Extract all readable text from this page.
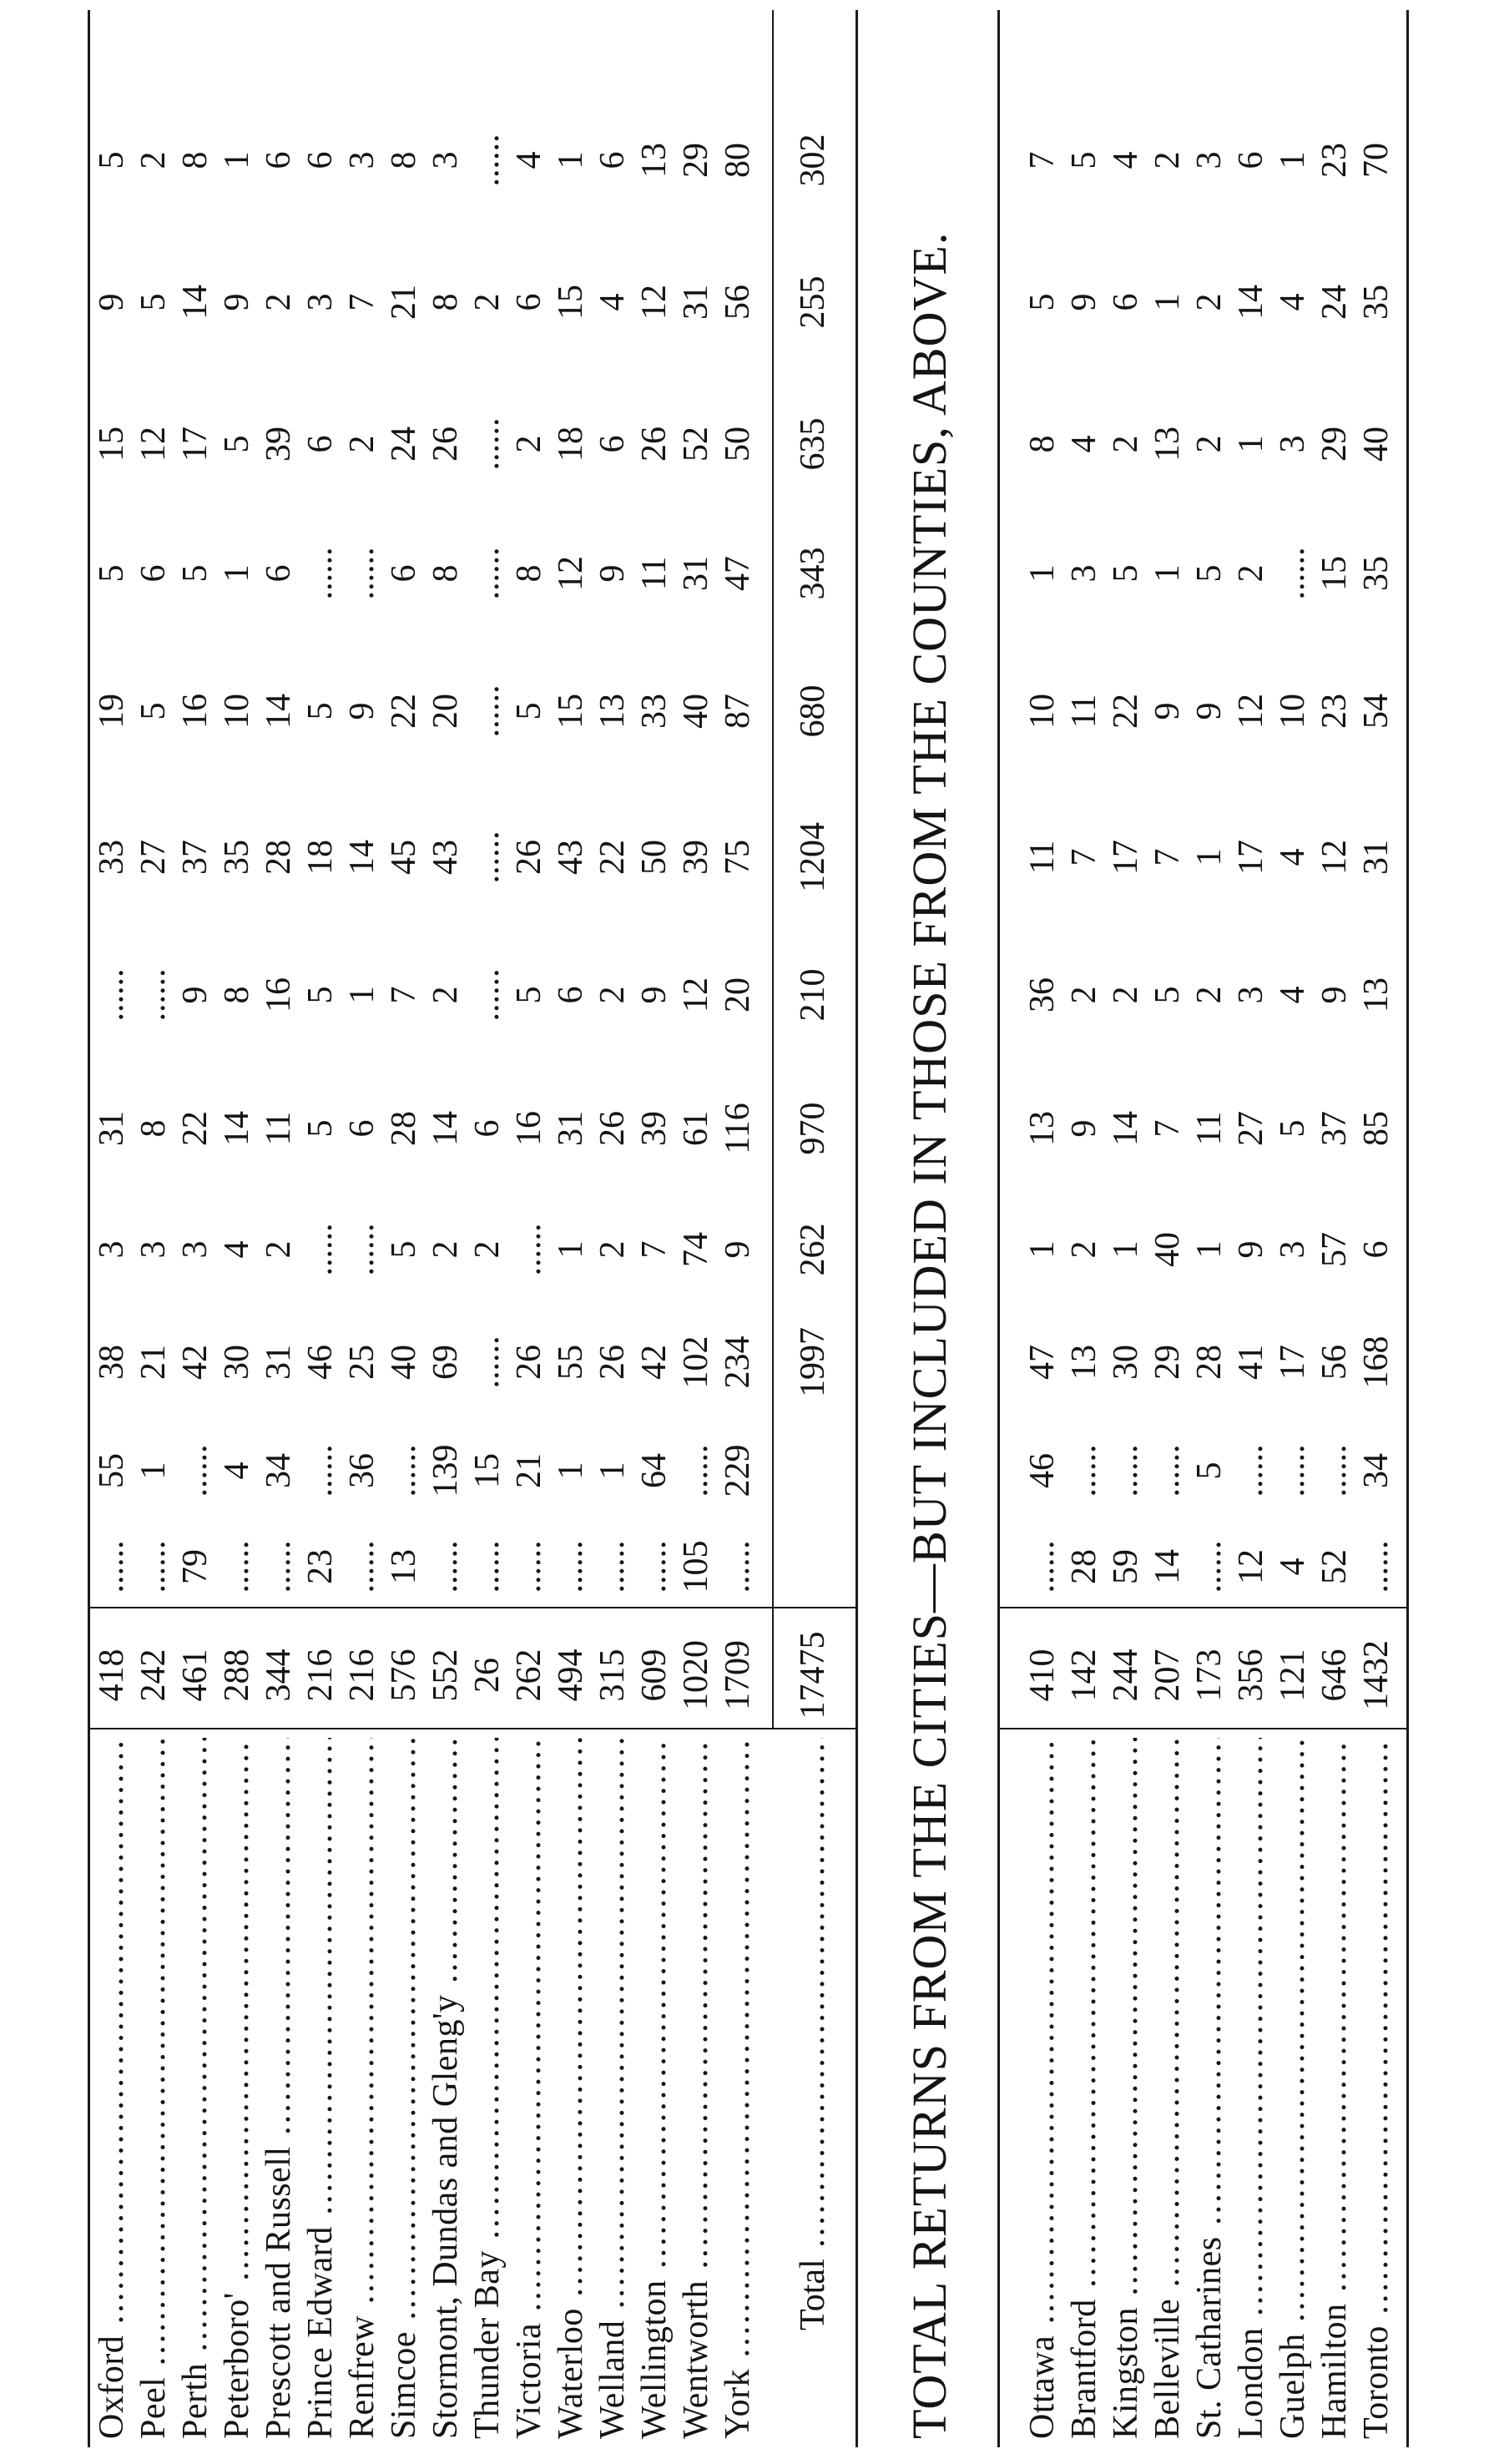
Oxford .....
418
......
55
38
3
31
......
33
19
5
15
9
5
Peel .....
242
......
1
21
3
8
......
27
5
6
12
5
2
Perth .....
461
79
......
42
3
22
9
37
16
5
17
14
8
Peterboro' .....
288
......
4
30
4
14
8
35
10
1
5
9
1
Prescott and Russell .....
344
......
34
31
2
11
16
28
14
6
39
2
6
Prince Edward .....
216
23
......
46
......
5
5
18
5
......
6
3
6
Renfrew .....
216
......
36
25
......
6
1
14
9
......
2
7
3
Simcoe .....
576
13
......
40
5
28
7
45
22
6
24
21
8
Stormont, Dundas and Gleng'y .....
552
......
139
69
2
14
2
43
20
8
26
8
3
Thunder Bay .....
26
......
15
......
2
6
......
......
......
......
......
2
......
Victoria .....
262
......
21
26
......
16
5
26
5
8
2
6
4
Waterloo .....
494
......
1
55
1
31
6
43
15
12
18
15
1
Welland .....
315
......
1
26
2
26
2
22
13
9
6
4
6
Wellington .....
609
......
64
42
7
39
9
50
33
11
26
12
13
Wentworth .....
1020
105
......
102
74
61
12
39
40
31
52
31
29
York .....
1709
......
229
234
9
116
20
75
87
47
50
56
80
Total .....
17475
1997
262
970
210
1204
680
343
635
255
302
TOTAL RETURNS FROM THE CITIES—BUT INCLUDED IN THOSE FROM THE COUNTIES, ABOVE. Ottawa .....
410
......
46
47
1
13
36
11
10
1
8
5
7
Brantford .....
142
28
......
13
2
9
2
7
11
3
4
9
5
Kingston .....
244
59
......
30
1
14
2
17
22
5
2
6
4
Belleville .....
207
14
......
29
40
7
5
7
9
1
13
1
2
St. Catharines .....
173
......
5
28
1
11
2
1
9
5
2
2
3
London .....
356
12
......
41
9
27
3
17
12
2
1
14
6
Guelph .....
121
4
......
17
3
5
4
4
10
......
3
4
1
Hamilton .....
646
52
......
56
57
37
9
12
23
15
29
24
23
Toronto .....
1432
......
34
168
6
85
13
31
54
35
40
35
70
